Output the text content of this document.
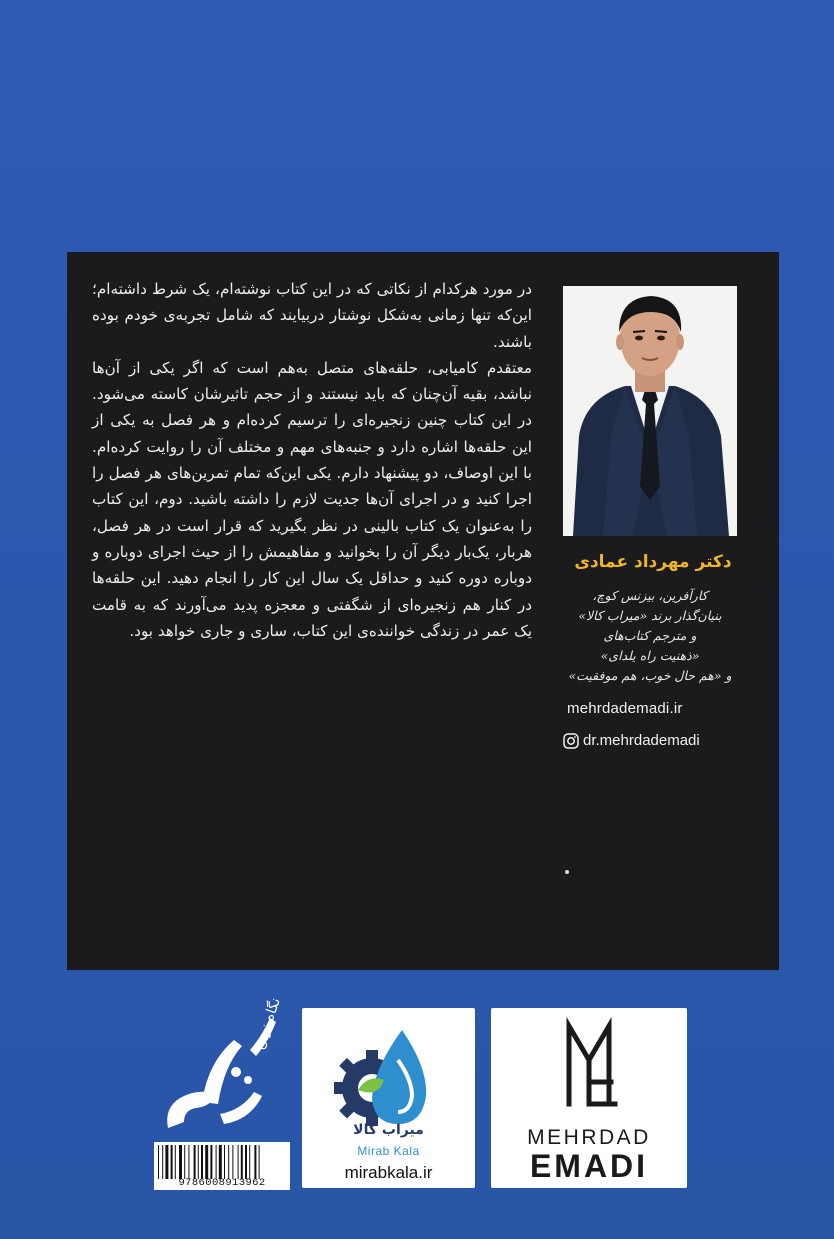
در مورد هرکدام از نکاتی که در این کتاب نوشته‌ام، یک شرط داشته‌ام؛ این‌که تنها زمانی به‌شکل نوشتار دربیایند که شامل تجربه‌ی خودم بوده باشند.

معتقدم کامیابی، حلقه‌های متصل به‌هم است که اگر یکی از آن‌ها نباشد، بقیه آن‌چنان که باید نیستند و از حجم تاثیرشان کاسته می‌شود. در این کتاب چنین زنجیره‌ای را ترسیم کرده‌ام و هر فصل به یکی از این حلقه‌ها اشاره دارد و جنبه‌های مهم و مختلف آن را روایت کرده‌ام. با این اوصاف، دو پیشنهاد دارم. یکی این‌که تمام تمرین‌های هر فصل را اجرا کنید و در اجرای آن‌ها جدیت لازم را داشته باشید. دوم، این کتاب را به‌عنوان یک کتاب بالینی در نظر بگیرید که قرار است در هر فصل، هربار، یک‌بار دیگر آن را بخوانید و مفاهیمش را از حیث اجرای دوباره و دوباره دوره کنید و حداقل یک سال این کار را انجام دهید. این حلقه‌ها در کنار هم زنجیره‌ای از شگفتی و معجزه پدید می‌آورند که به قامت یک عمر در زندگی خواننده‌ی این کتاب، ساری و جاری خواهد بود.

دکتر مهرداد عمادی
کارآفرین، بیزنس کوچ،
بنیان‌گذار برند «میراب کالا»
و مترجم کتاب‌های
«ذهنیت راه یلدای»
و «هم حال خوب، هم موفقیت»
mehrdademadi.ir
dr.mehrdademadi
MEHRDAD
EMADI
میراب کالا
Mirab Kala
mirabkala.ir
نگاه نوین
9786008913962
